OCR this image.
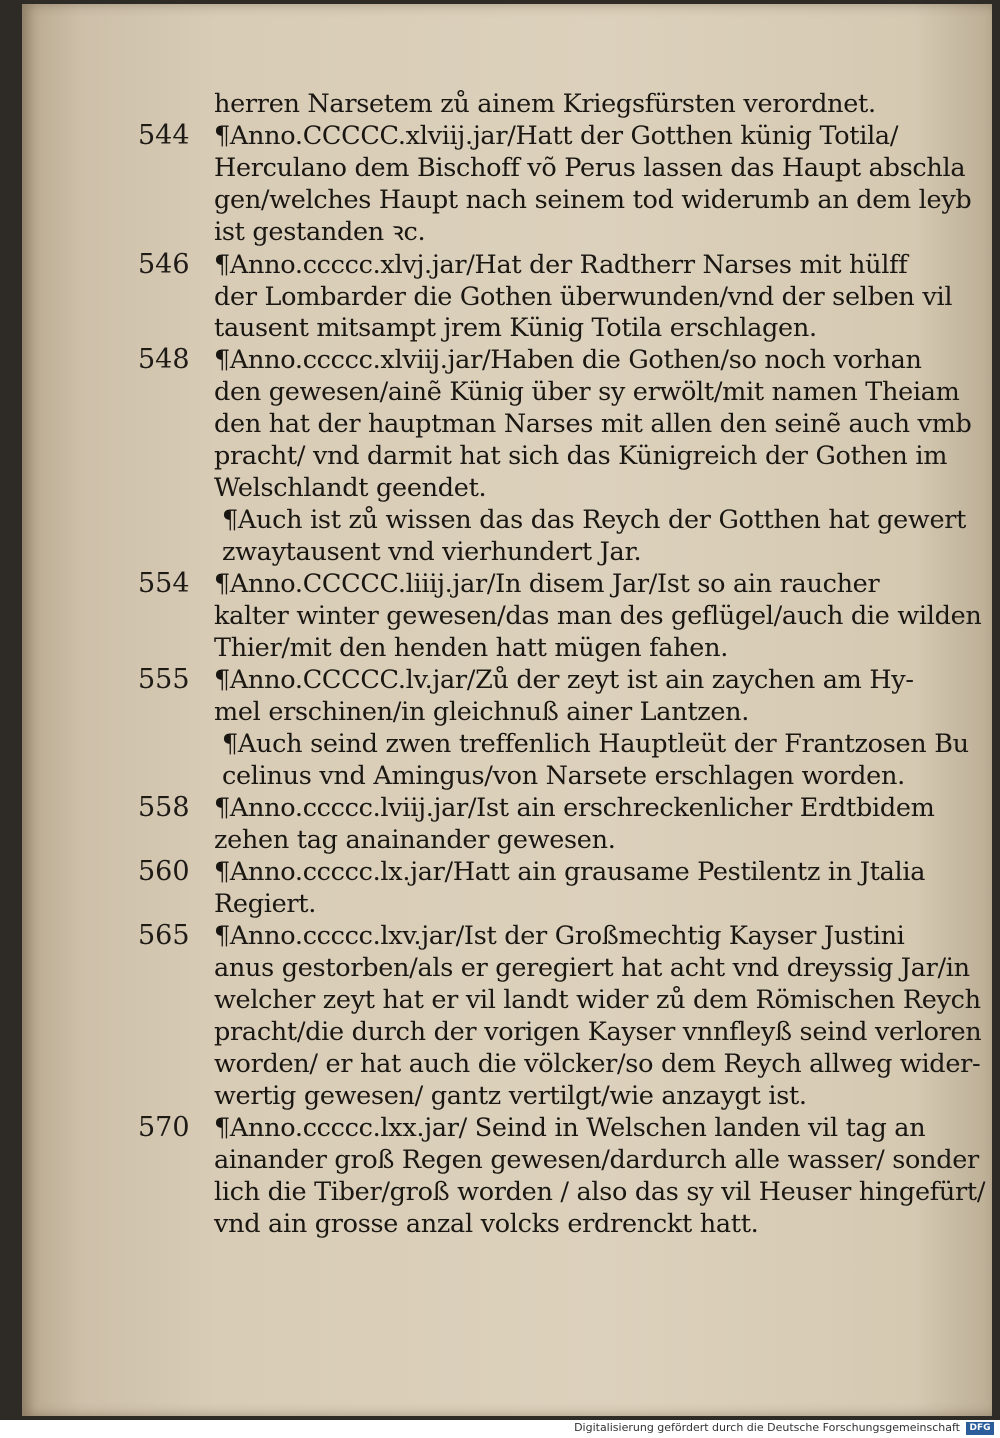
herren Narsetem zů ainem Kriegsfürsten verordnet.
544 ¶Anno.CCCCC.xlviij.jar/Hatt der Gotthen künig Totila/
Herculano dem Bischoff võ Perus lassen das Haupt abschla
gen/welches Haupt nach seinem tod widerumb an dem leyb
ist gestanden ꝛc.
546 ¶Anno.ccccc.xlvj.jar/Hat der Radtherr Narses mit hülff
der Lombarder die Gothen überwunden/vnd der selben vil
tausent mitsampt jrem Künig Totila erschlagen.
548 ¶Anno.ccccc.xlviij.jar/Haben die Gothen/so noch vorhan
den gewesen/ainẽ Künig über sy erwölt/mit namen Theiam
den hat der hauptman Narses mit allen den seinẽ auch vmb
pracht/ vnd darmit hat sich das Künigreich der Gothen im
Welschlandt geendet.
¶Auch ist zů wissen das das Reych der Gotthen hat gewert
zwaytausent vnd vierhundert Jar.
554 ¶Anno.CCCCC.liiij.jar/In disem Jar/Ist so ain raucher
kalter winter gewesen/das man des geflügel/auch die wilden
Thier/mit den henden hatt mügen fahen.
555 ¶Anno.CCCCC.lv.jar/Zů der zeyt ist ain zaychen am Hy-
mel erschinen/in gleichnuß ainer Lantzen.
¶Auch seind zwen treffenlich Hauptleüt der Frantzosen Bu
celinus vnd Amingus/von Narsete erschlagen worden.
558 ¶Anno.ccccc.lviij.jar/Ist ain erschreckenlicher Erdtbidem
zehen tag anainander gewesen.
560 ¶Anno.ccccc.lx.jar/Hatt ain grausame Pestilentz in Jtalia
Regiert.
565 ¶Anno.ccccc.lxv.jar/Ist der Großmechtig Kayser Justini
anus gestorben/als er geregiert hat acht vnd dreyssig Jar/in
welcher zeyt hat er vil landt wider zů dem Römischen Reych
pracht/die durch der vorigen Kayser vnnfleyß seind verloren
worden/ er hat auch die völcker/so dem Reych allweg wider-
wertig gewesen/ gantz vertilgt/wie anzaygt ist.
570 ¶Anno.ccccc.lxx.jar/ Seind in Welschen landen vil tag an
ainander groß Regen gewesen/dardurch alle wasser/ sonder
lich die Tiber/groß worden / also das sy vil Heuser hingefürt/
vnd ain grosse anzal volcks erdrenckt hatt.
Digitalisierung gefördert durch die Deutsche Forschungsgemeinschaft	DFG
